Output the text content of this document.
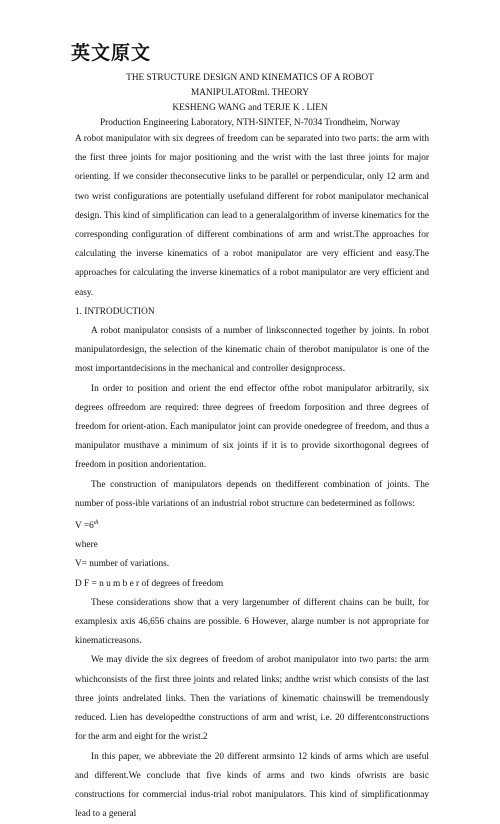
英文原文
THE STRUCTURE DESIGN AND KINEMATICS OF A ROBOT
MANIPULATORml. THEORY
KESHENG WANG and TERJE K . LIEN
Production Engineering Laboratory, NTH-SINTEF, N-7034 Trondheim, Norway

A robot manipulator with six degrees of freedom can be separated into two parts: the arm with the first three joints for major positioning and the wrist with the last three joints for major orienting. If we consider theconsecutive links to be parallel or perpendicular, only 12 arm and two wrist configurations are potentially usefuland different for robot manipulator mechanical design. This kind of simplification can lead to a generalalgorithm of inverse kinematics for the corresponding configuration of different combinations of arm and wrist.The approaches for calculating the inverse kinematics of a robot manipulator are very efficient and easy.The approaches for calculating the inverse kinematics of a robot manipulator are very efficient and easy.

1. INTRODUCTION

A robot manipulator consists of a number of linksconnected together by joints. In robot manipulatordesign, the selection of the kinematic chain of therobot manipulator is one of the most importantdecisions in the mechanical and controller designprocess.

In order to position and orient the end effector ofthe robot manipulator arbitrarily, six degrees offreedom are required: three degrees of freedom forposition and three degrees of freedom for orient-ation. Each manipulator joint can provide onedegree of freedom, and thus a manipulator musthave a minimum of six joints if it is to provide sixorthogonal degrees of freedom in position andorientation.

The construction of manipulators depends on thedifferent combination of joints. The number of poss-ible variations of an industrial robot structure can bedetermined as follows:

$V =6^{dt}$

where

V= number of variations.

D F = n u m b e r of degrees of freedom

These considerations show that a very largenumber of different chains can be built, for examplesix axis 46,656 chains are possible. 6 However, alarge number is not appropriate for kinematicreasons.

We may divide the six degrees of freedom of arobot manipulator into two parts: the arm whichconsists of the first three joints and related links; andthe wrist which consists of the last three joints andrelated links. Then the variations of kinematic chainswill be tremendously reduced. Lien has developedthe constructions of arm and wrist, i.e. 20 differentconstructions for the arm and eight for the wrist.2

In this paper, we abbreviate the 20 different armsinto 12 kinds of arms which are useful and different.We conclude that five kinds of arms and two kinds ofwrists are basic constructions for commercial indus-trial robot manipulators. This kind of simplificationmay lead to a general
